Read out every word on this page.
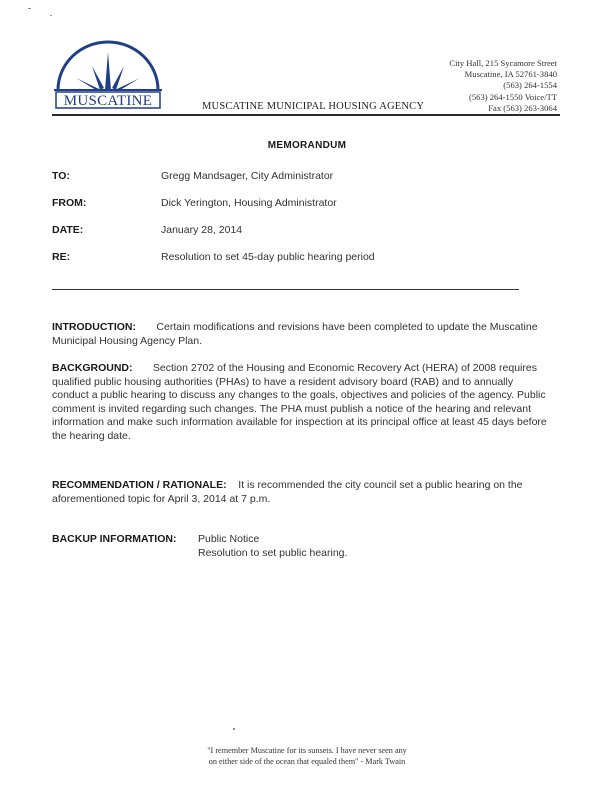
MUSCATINE	MUSCATINE MUNICIPAL HOUSING AGENCY
City Hall, 215 Sycamore Street
Muscatine, IA 52761-3840
(563) 264-1554
(563) 264-1550 Voice/TT
Fax (563) 263-3064
MEMORANDUM
TO:	Gregg Mandsager, City Administrator
FROM:	Dick Yerington, Housing Administrator
DATE:	January 28, 2014
RE:	Resolution to set 45-day public hearing period
INTRODUCTION: Certain modifications and revisions have been completed to update the Muscatine Municipal Housing Agency Plan.
BACKGROUND: Section 2702 of the Housing and Economic Recovery Act (HERA) of 2008 requires qualified public housing authorities (PHAs) to have a resident advisory board (RAB) and to annually conduct a public hearing to discuss any changes to the goals, objectives and policies of the agency. Public comment is invited regarding such changes. The PHA must publish a notice of the hearing and relevant information and make such information available for inspection at its principal office at least 45 days before the hearing date.
RECOMMENDATION / RATIONALE: It is recommended the city council set a public hearing on the aforementioned topic for April 3, 2014 at 7 p.m.
BACKUP INFORMATION: Public Notice
Resolution to set public hearing.
"I remember Muscatine for its sunsets. I have never seen any
on either side of the ocean that equaled them" - Mark Twain
